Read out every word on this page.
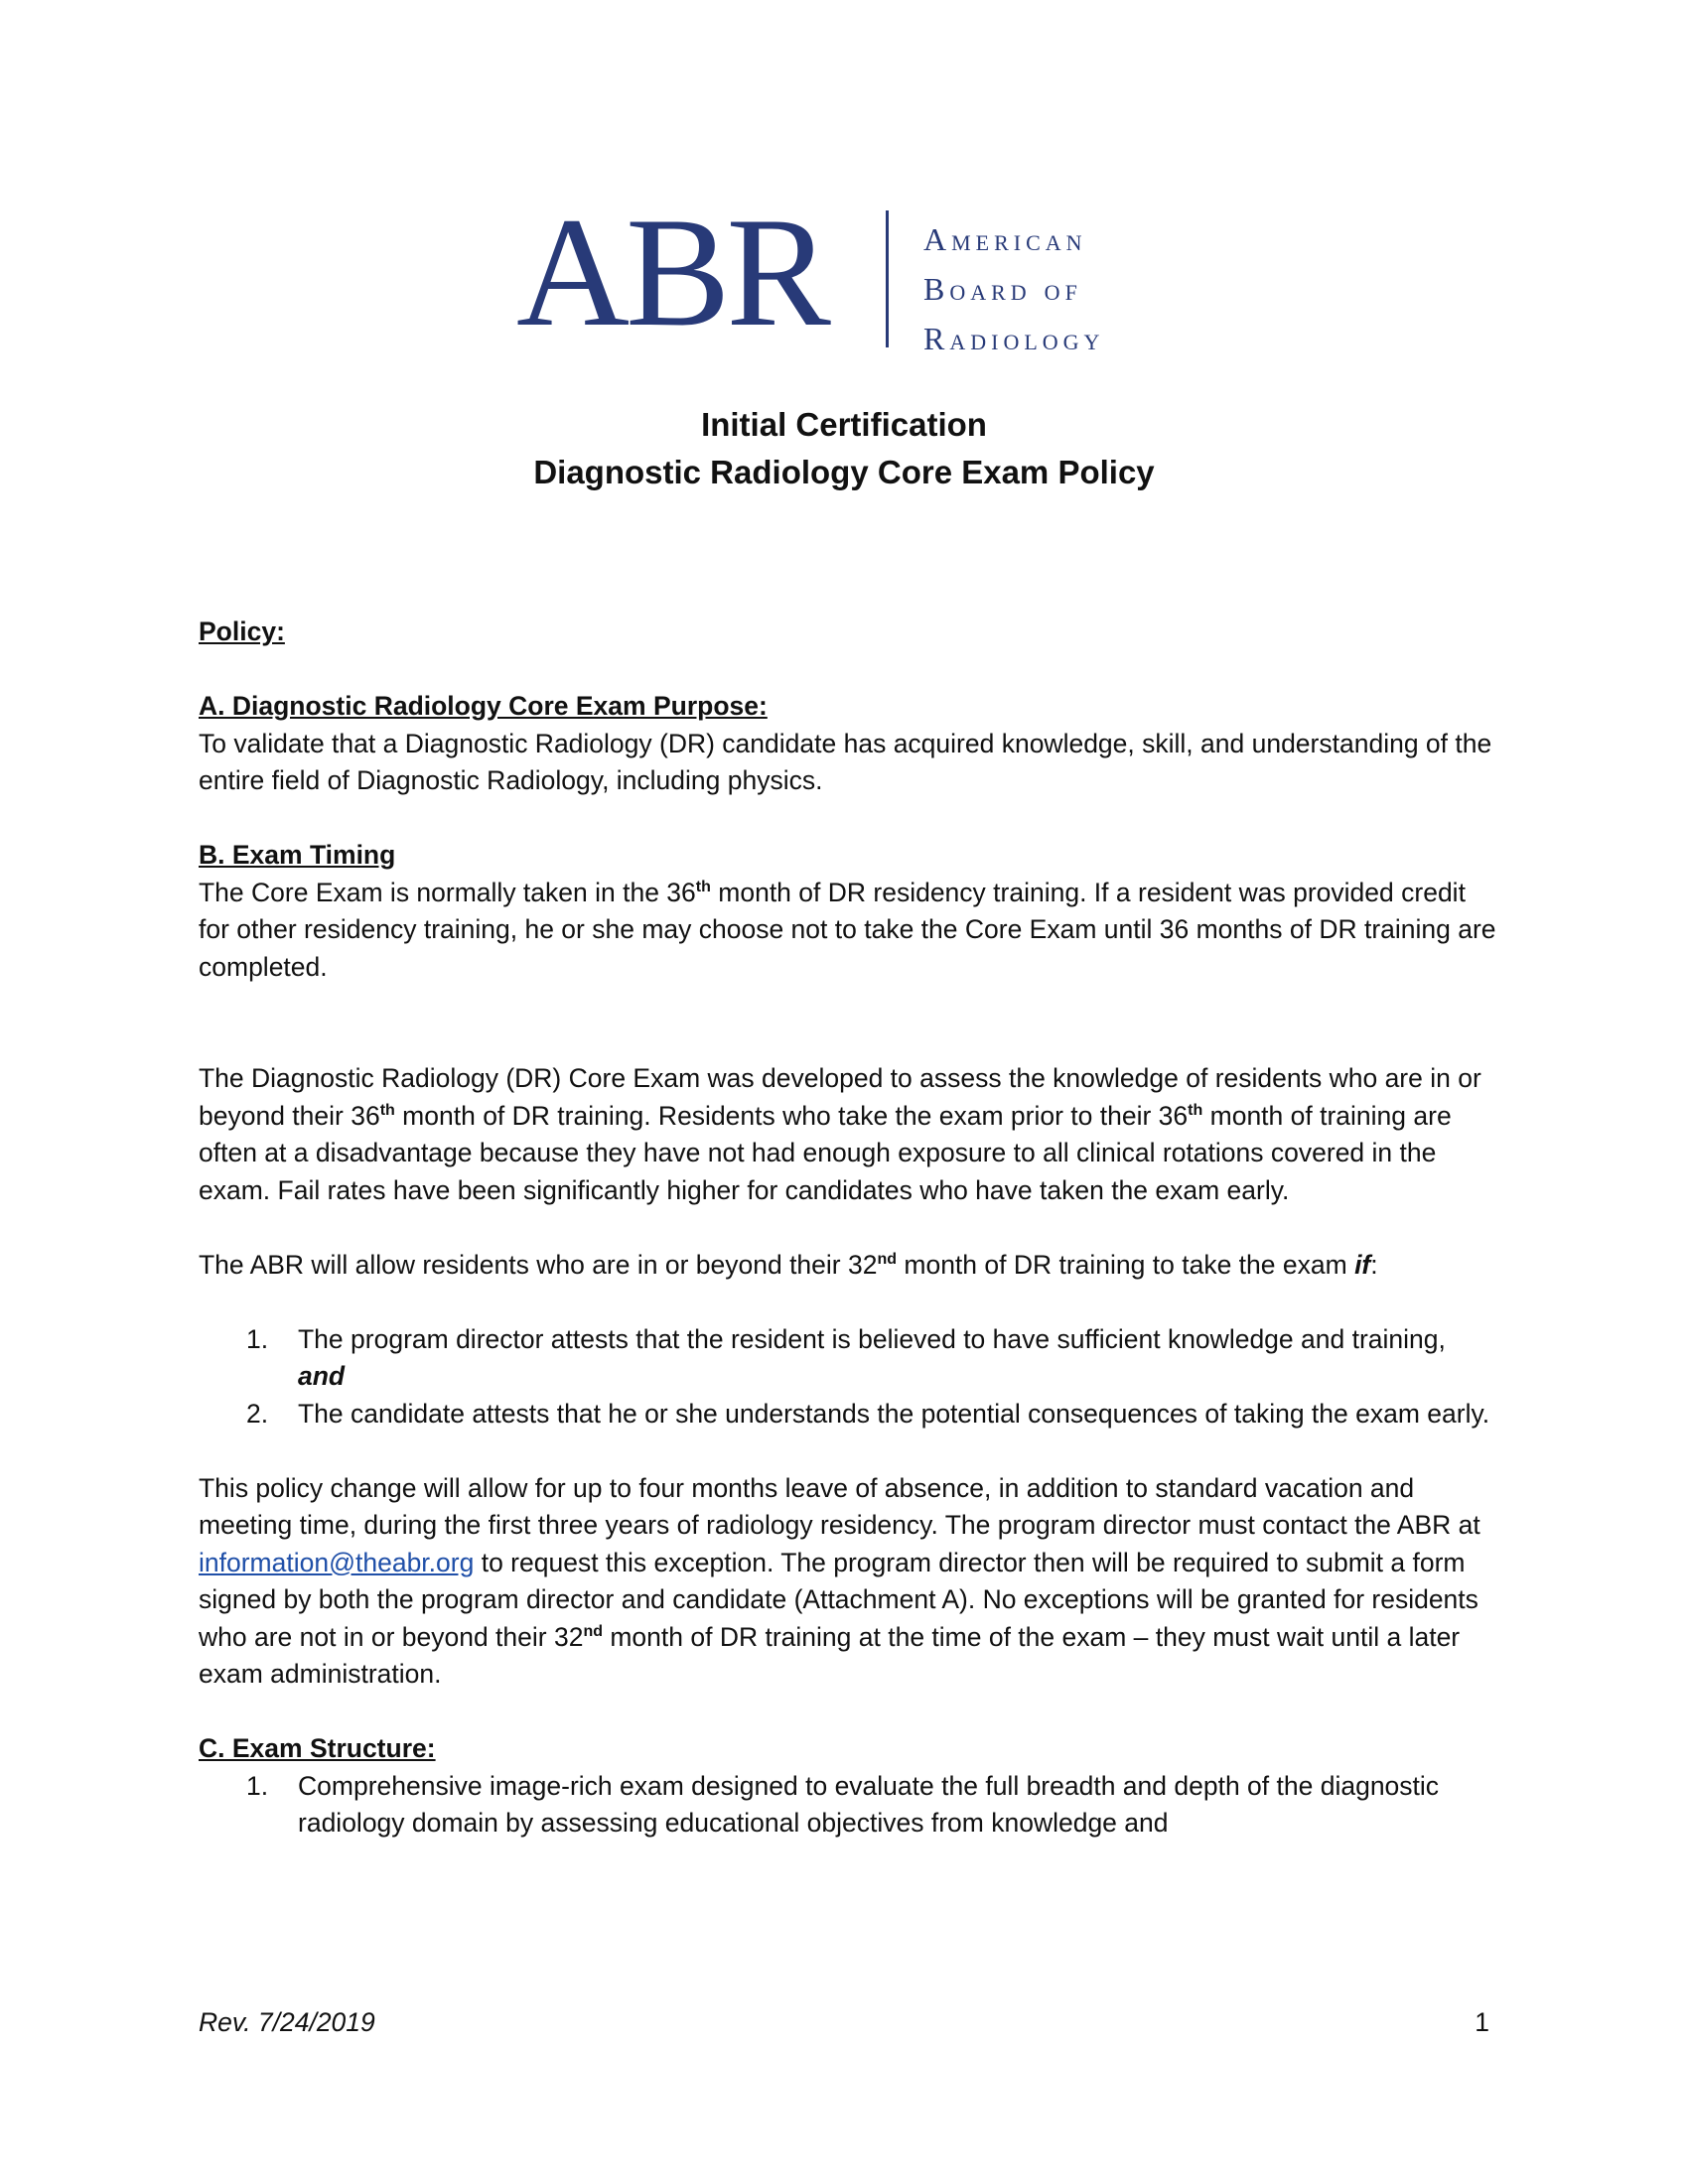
ABR	American
Board of
Radiology
Initial Certification
Diagnostic Radiology Core Exam Policy

Policy:

A. Diagnostic Radiology Core Exam Purpose:

To validate that a Diagnostic Radiology (DR) candidate has acquired knowledge, skill, and understanding of the entire field of Diagnostic Radiology, including physics.

B. Exam Timing

The Core Exam is normally taken in the 36th month of DR residency training. If a resident was provided credit for other residency training, he or she may choose not to take the Core Exam until 36 months of DR training are completed.

The Diagnostic Radiology (DR) Core Exam was developed to assess the knowledge of residents who are in or beyond their 36th month of DR training. Residents who take the exam prior to their 36th month of training are often at a disadvantage because they have not had enough exposure to all clinical rotations covered in the exam. Fail rates have been significantly higher for candidates who have taken the exam early.

The ABR will allow residents who are in or beyond their 32nd month of DR training to take the exam if:

1. The program director attests that the resident is believed to have sufficient knowledge and training, and
2. The candidate attests that he or she understands the potential consequences of taking the exam early.

This policy change will allow for up to four months leave of absence, in addition to standard vacation and meeting time, during the first three years of radiology residency. The program director must contact the ABR at information@theabr.org to request this exception. The program director then will be required to submit a form signed by both the program director and candidate (Attachment A). No exceptions will be granted for residents who are not in or beyond their 32nd month of DR training at the time of the exam – they must wait until a later exam administration.

C. Exam Structure:

1. Comprehensive image-rich exam designed to evaluate the full breadth and depth of the diagnostic radiology domain by assessing educational objectives from knowledge and
Rev. 7/24/2019	1
